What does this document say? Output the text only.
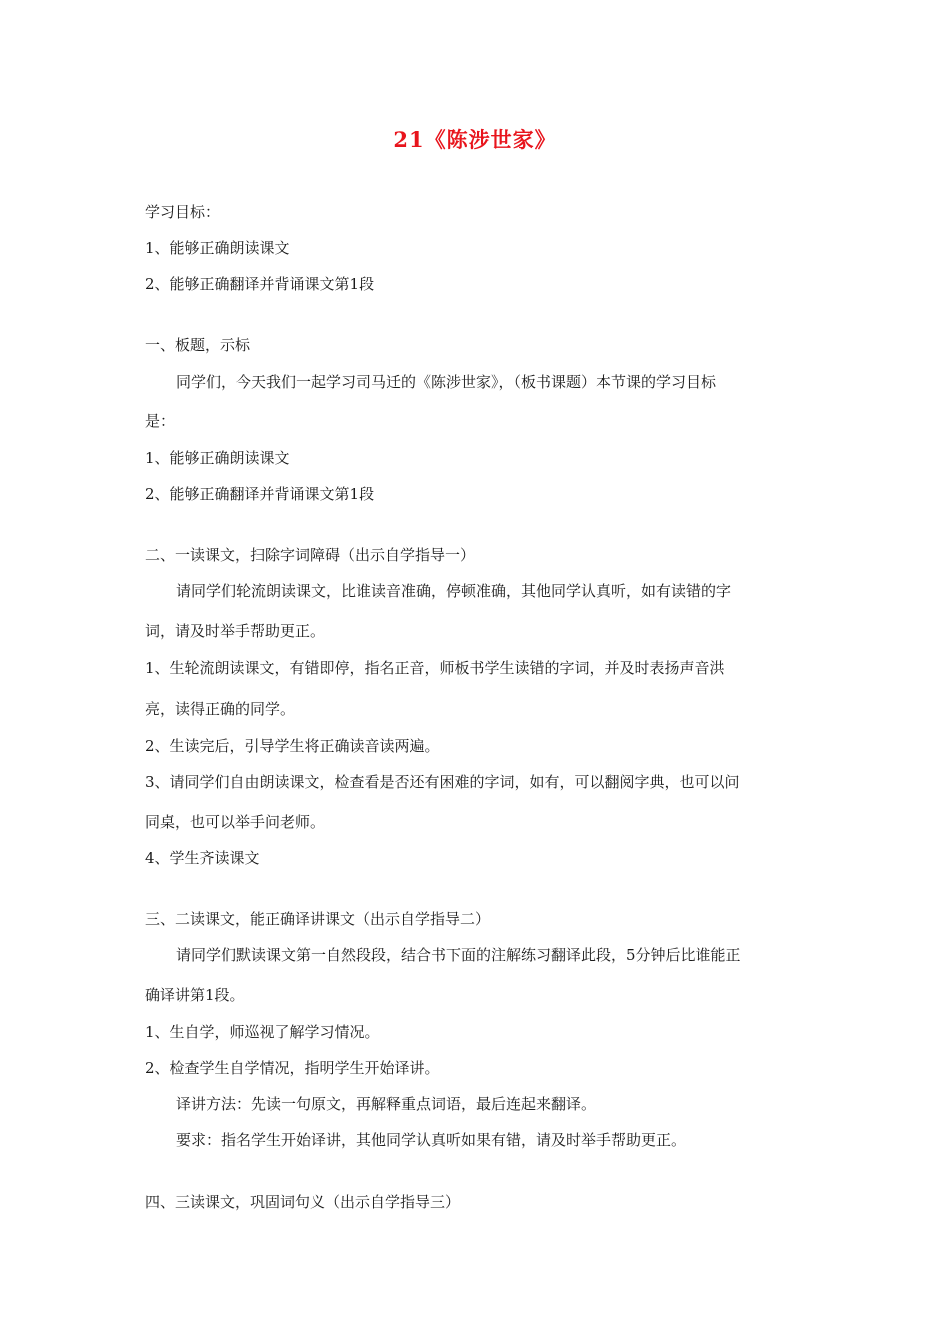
21《陈涉世家》
学习目标：
1、能够正确朗读课文
2、能够正确翻译并背诵课文第1段
一、板题，示标
同学们，今天我们一起学习司马迁的《陈涉世家》，（板书课题）本节课的学习目标
是：
1、能够正确朗读课文
2、能够正确翻译并背诵课文第1段
二、一读课文，扫除字词障碍（出示自学指导一）
请同学们轮流朗读课文，比谁读音准确，停顿准确，其他同学认真听，如有读错的字
词，请及时举手帮助更正。
1、生轮流朗读课文，有错即停，指名正音，师板书学生读错的字词，并及时表扬声音洪
亮，读得正确的同学。
2、生读完后，引导学生将正确读音读两遍。
3、请同学们自由朗读课文，检查看是否还有困难的字词，如有，可以翻阅字典，也可以问
同桌，也可以举手问老师。
4、学生齐读课文
三、二读课文，能正确译讲课文（出示自学指导二）
请同学们默读课文第一自然段段，结合书下面的注解练习翻译此段，5分钟后比谁能正
确译讲第1段。
1、生自学，师巡视了解学习情况。
2、检查学生自学情况，指明学生开始译讲。
译讲方法：先读一句原文，再解释重点词语，最后连起来翻译。
要求：指名学生开始译讲，其他同学认真听如果有错，请及时举手帮助更正。
四、三读课文，巩固词句义（出示自学指导三）
